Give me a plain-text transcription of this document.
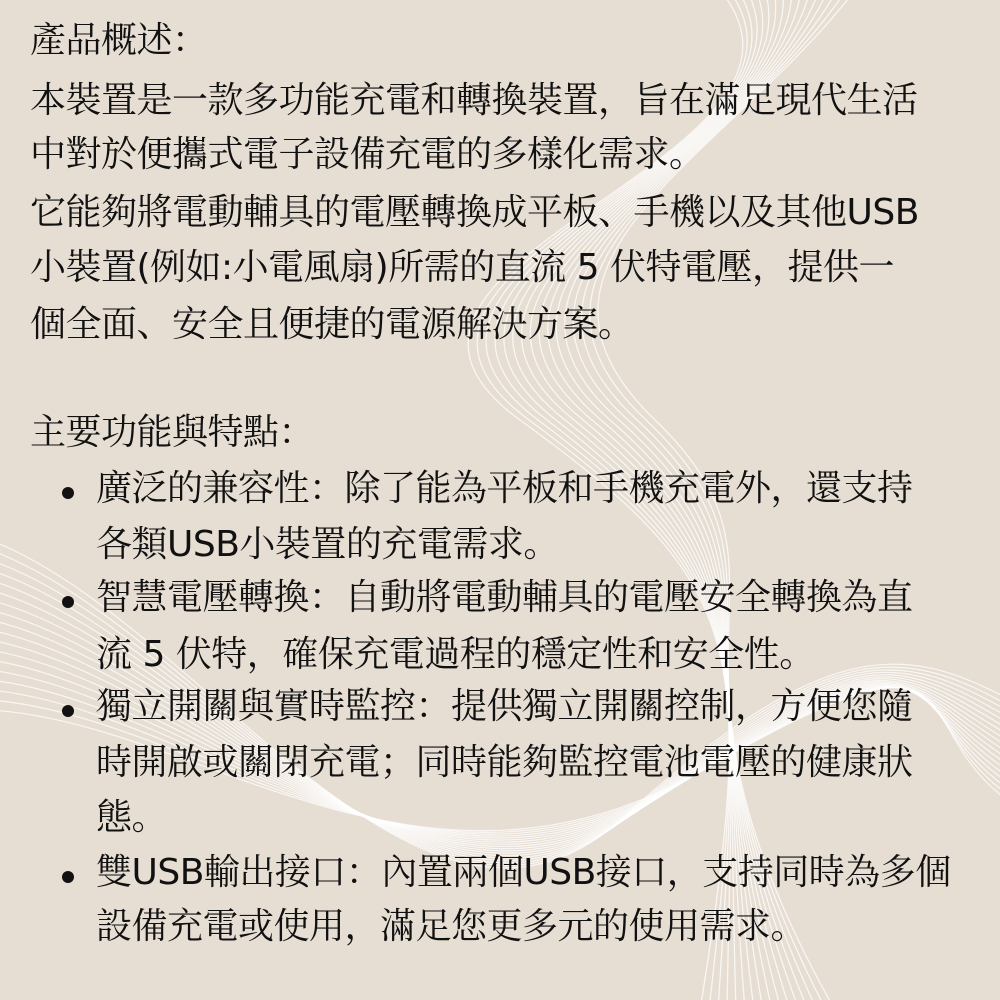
產品概述：

本裝置是一款多功能充電和轉換裝置，旨在滿足現代生活

中對於便攜式電子設備充電的多樣化需求。

它能夠將電動輔具的電壓轉換成平板、手機以及其他USB

小裝置(例如:小電風扇)所需的直流 5 伏特電壓，提供一

個全面、安全且便捷的電源解決方案。

主要功能與特點：

廣泛的兼容性：除了能為平板和手機充電外，還支持

各類USB小裝置的充電需求。

智慧電壓轉換：自動將電動輔具的電壓安全轉換為直

流 5 伏特，確保充電過程的穩定性和安全性。

獨立開關與實時監控：提供獨立開關控制，方便您隨

時開啟或關閉充電；同時能夠監控電池電壓的健康狀

態。

雙USB輸出接口：內置兩個USB接口，支持同時為多個

設備充電或使用，滿足您更多元的使用需求。
